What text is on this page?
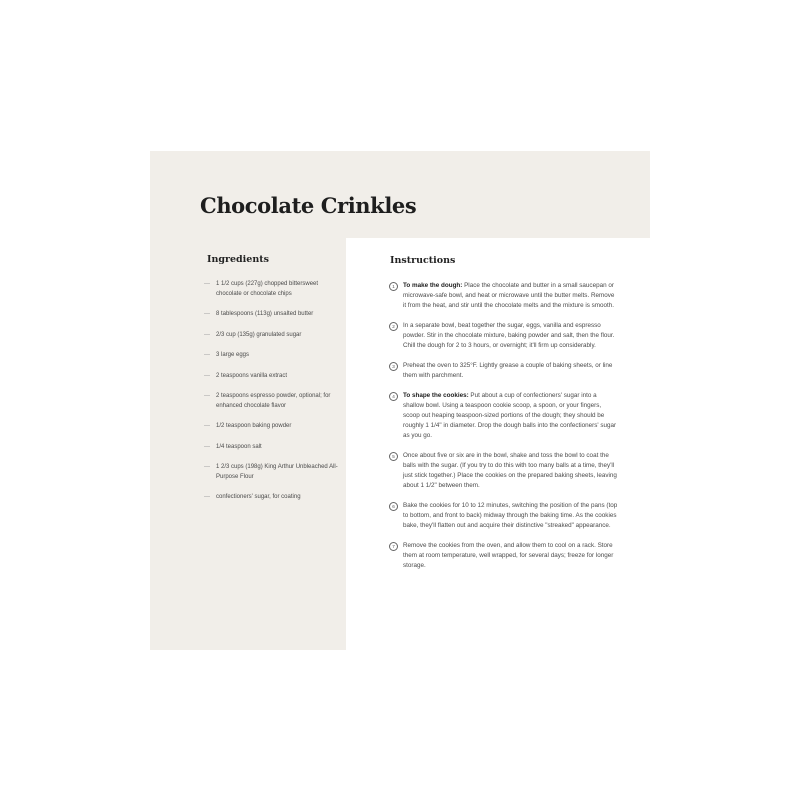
Chocolate Crinkles
Ingredients
— 1 1/2 cups (227g) chopped bittersweet chocolate or chocolate chips
— 8 tablespoons (113g) unsalted butter
— 2/3 cup (135g) granulated sugar
— 3 large eggs
— 2 teaspoons vanilla extract
— 2 teaspoons espresso powder, optional; for enhanced chocolate flavor
— 1/2 teaspoon baking powder
— 1/4 teaspoon salt
— 1 2/3 cups (198g) King Arthur Unbleached All-Purpose Flour
— confectioners' sugar, for coating
Instructions
1	To make the dough: Place the chocolate and butter in a small saucepan or microwave-safe bowl, and heat or microwave until the butter melts. Remove it from the heat, and stir until the chocolate melts and the mixture is smooth.
2	In a separate bowl, beat together the sugar, eggs, vanilla and espresso powder. Stir in the chocolate mixture, baking powder and salt, then the flour. Chill the dough for 2 to 3 hours, or overnight; it'll firm up considerably.
3	Preheat the oven to 325°F. Lightly grease a couple of baking sheets, or line them with parchment.
4	To shape the cookies: Put about a cup of confectioners' sugar into a shallow bowl. Using a teaspoon cookie scoop, a spoon, or your fingers, scoop out heaping teaspoon-sized portions of the dough; they should be roughly 1 1/4" in diameter. Drop the dough balls into the confectioners' sugar as you go.
5	Once about five or six are in the bowl, shake and toss the bowl to coat the balls with the sugar. (If you try to do this with too many balls at a time, they'll just stick together.) Place the cookies on the prepared baking sheets, leaving about 1 1/2" between them.
6	Bake the cookies for 10 to 12 minutes, switching the position of the pans (top to bottom, and front to back) midway through the baking time. As the cookies bake, they'll flatten out and acquire their distinctive "streaked" appearance.
7	Remove the cookies from the oven, and allow them to cool on a rack. Store them at room temperature, well wrapped, for several days; freeze for longer storage.
